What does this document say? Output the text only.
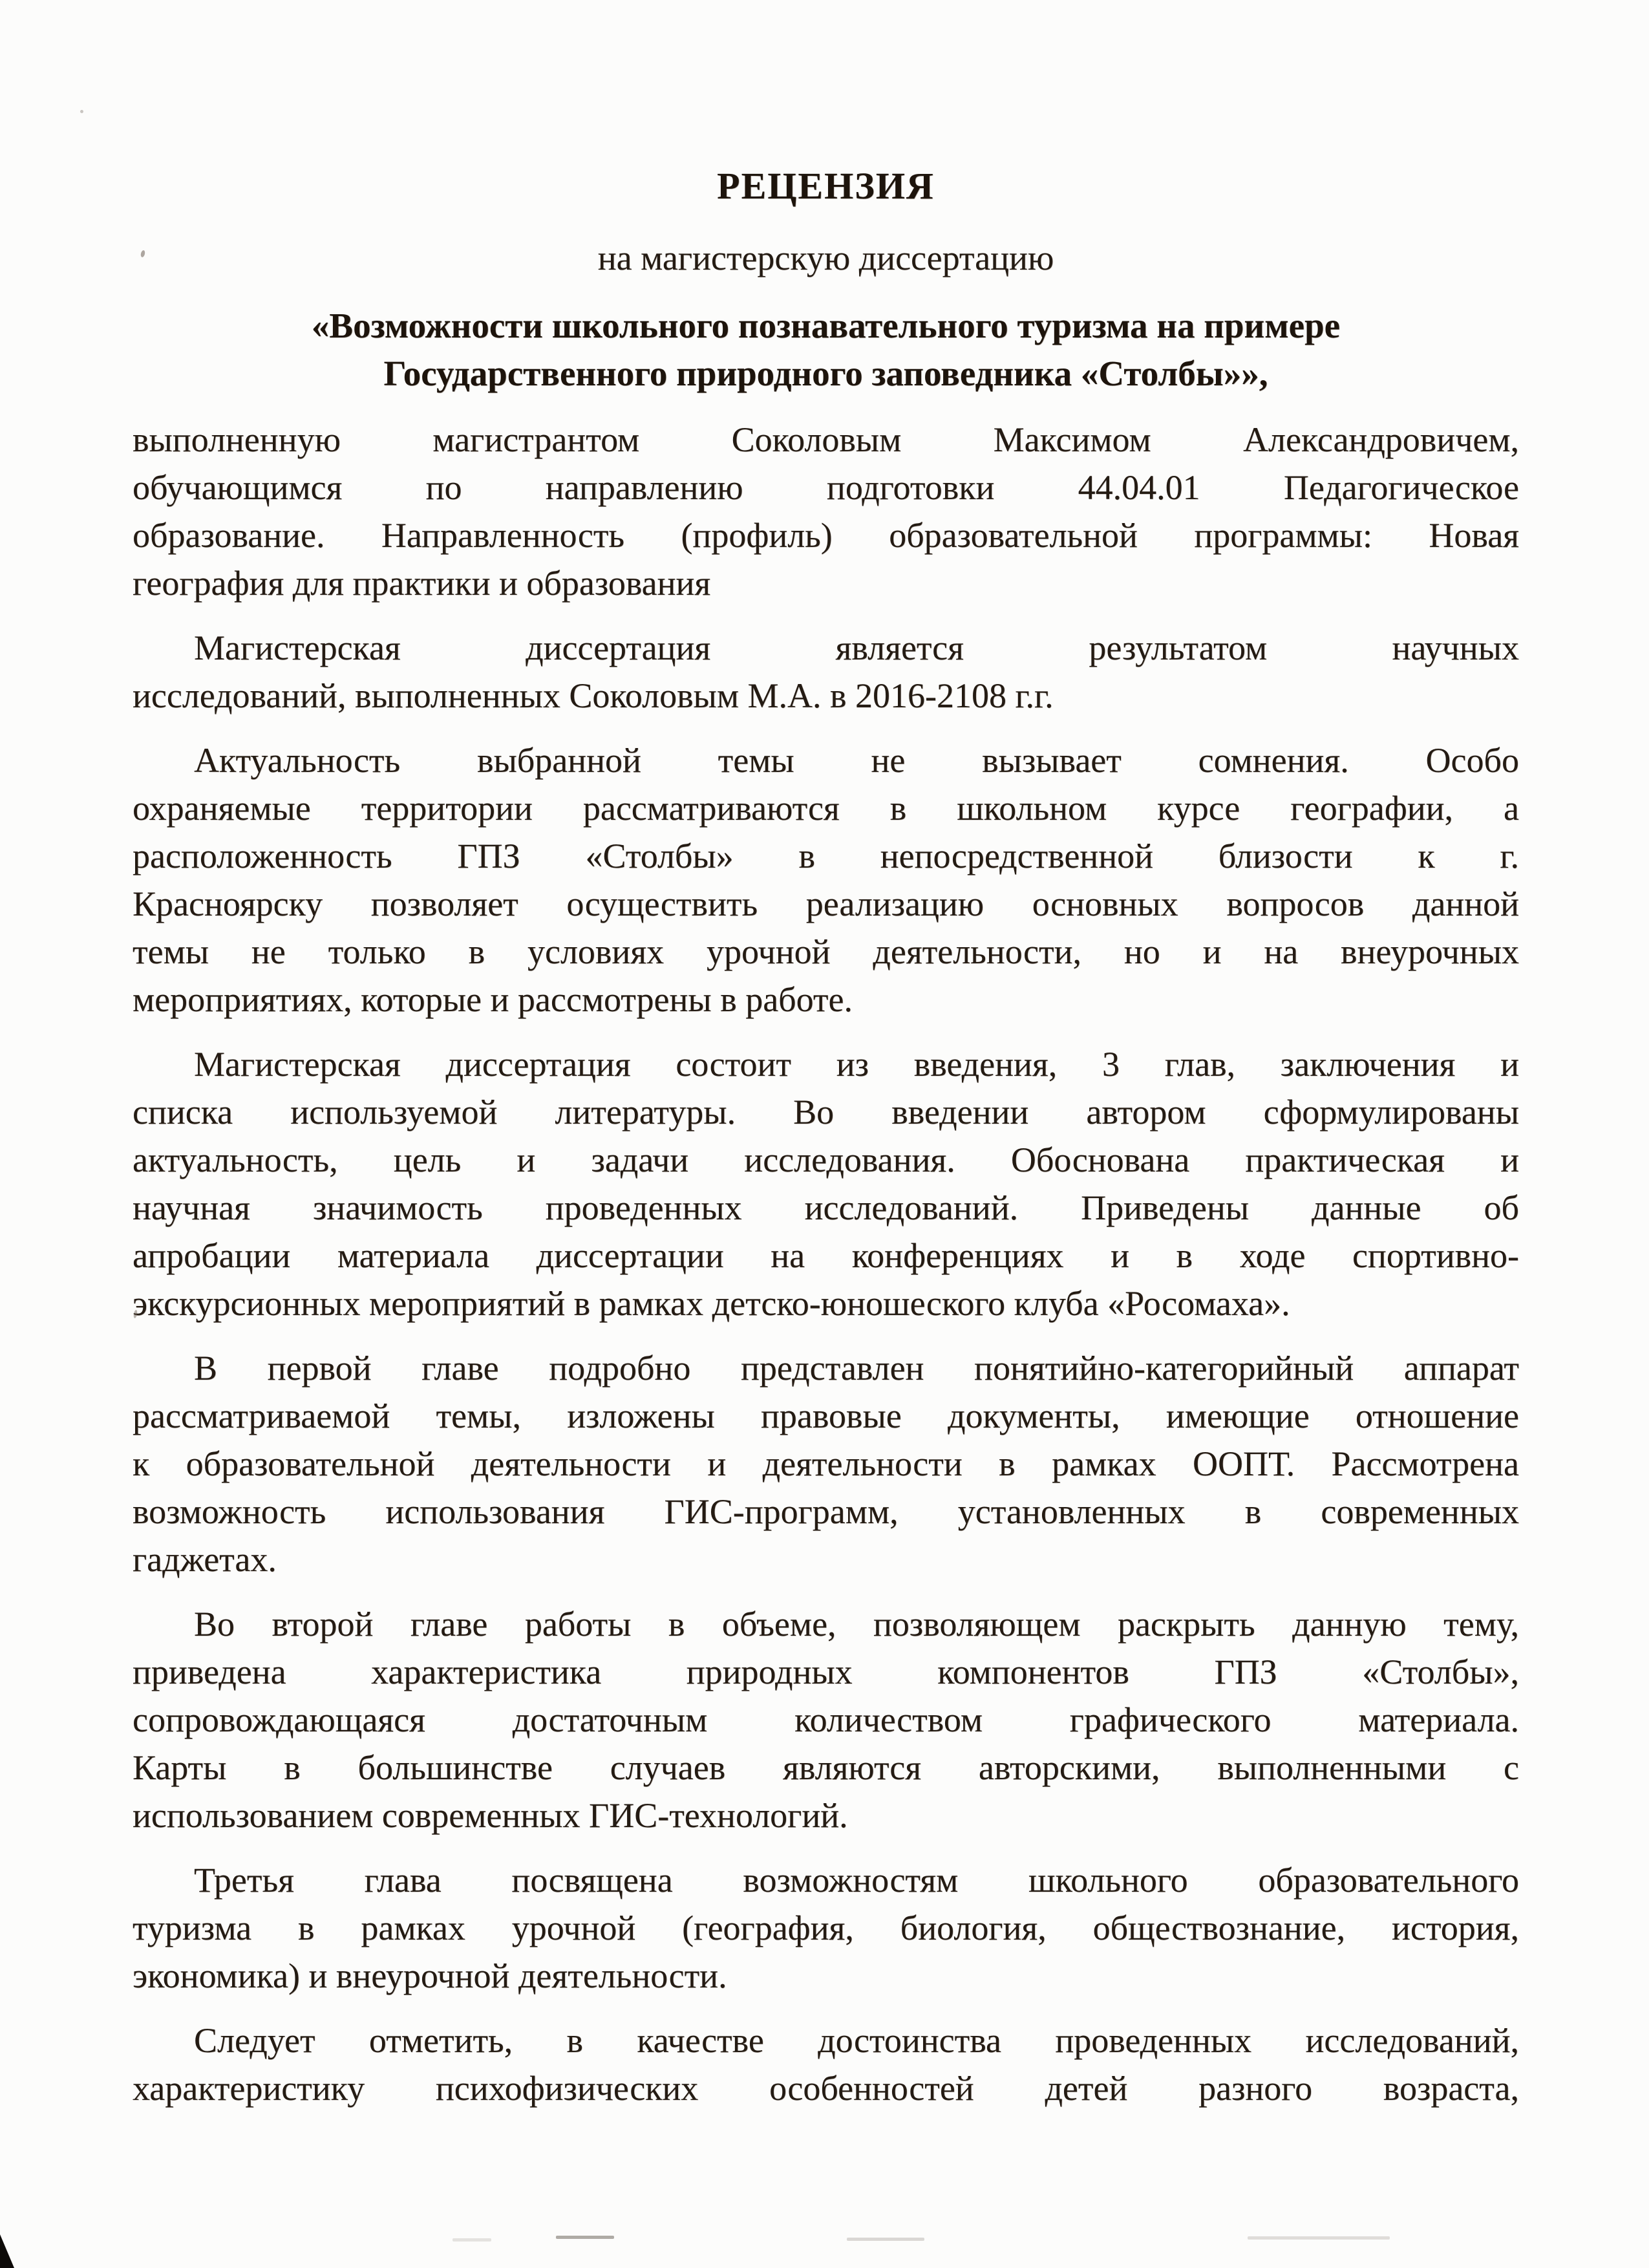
РЕЦЕНЗИЯ
на магистерскую диссертацию
«Возможности школьного познавательного туризма на примере
Государственного природного заповедника «Столбы»»,

выполненную магистрантом Соколовым Максимом Александровичем,
обучающимся по направлению подготовки 44.04.01 Педагогическое
образование. Направленность (профиль) образовательной программы: Новая
география для практики и образования

Магистерская диссертация является результатом научных
исследований, выполненных Соколовым М.А. в 2016-2108 г.г.

Актуальность выбранной темы не вызывает сомнения. Особо
охраняемые территории рассматриваются в школьном курсе географии, а
расположенность ГПЗ «Столбы» в непосредственной близости к г.
Красноярску позволяет осуществить реализацию основных вопросов данной
темы не только в условиях урочной деятельности, но и на внеурочных
мероприятиях, которые и рассмотрены в работе.

Магистерская диссертация состоит из введения, 3 глав, заключения и
списка используемой литературы. Во введении автором сформулированы
актуальность, цель и задачи исследования. Обоснована практическая и
научная значимость проведенных исследований. Приведены данные об
апробации материала диссертации на конференциях и в ходе спортивно-
экскурсионных мероприятий в рамках детско-юношеского клуба «Росомаха».

В первой главе подробно представлен понятийно-категорийный аппарат
рассматриваемой темы, изложены правовые документы, имеющие отношение
к образовательной деятельности и деятельности в рамках ООПТ. Рассмотрена
возможность использования ГИС-программ, установленных в современных
гаджетах.

Во второй главе работы в объеме, позволяющем раскрыть данную тему,
приведена характеристика природных компонентов ГПЗ «Столбы»,
сопровождающаяся достаточным количеством графического материала.
Карты в большинстве случаев являются авторскими, выполненными с
использованием современных ГИС-технологий.

Третья глава посвящена возможностям школьного образовательного
туризма в рамках урочной (география, биология, обществознание, история,
экономика) и внеурочной деятельности.

Следует отметить, в качестве достоинства проведенных исследований,
характеристику психофизических особенностей детей разного возраста,
